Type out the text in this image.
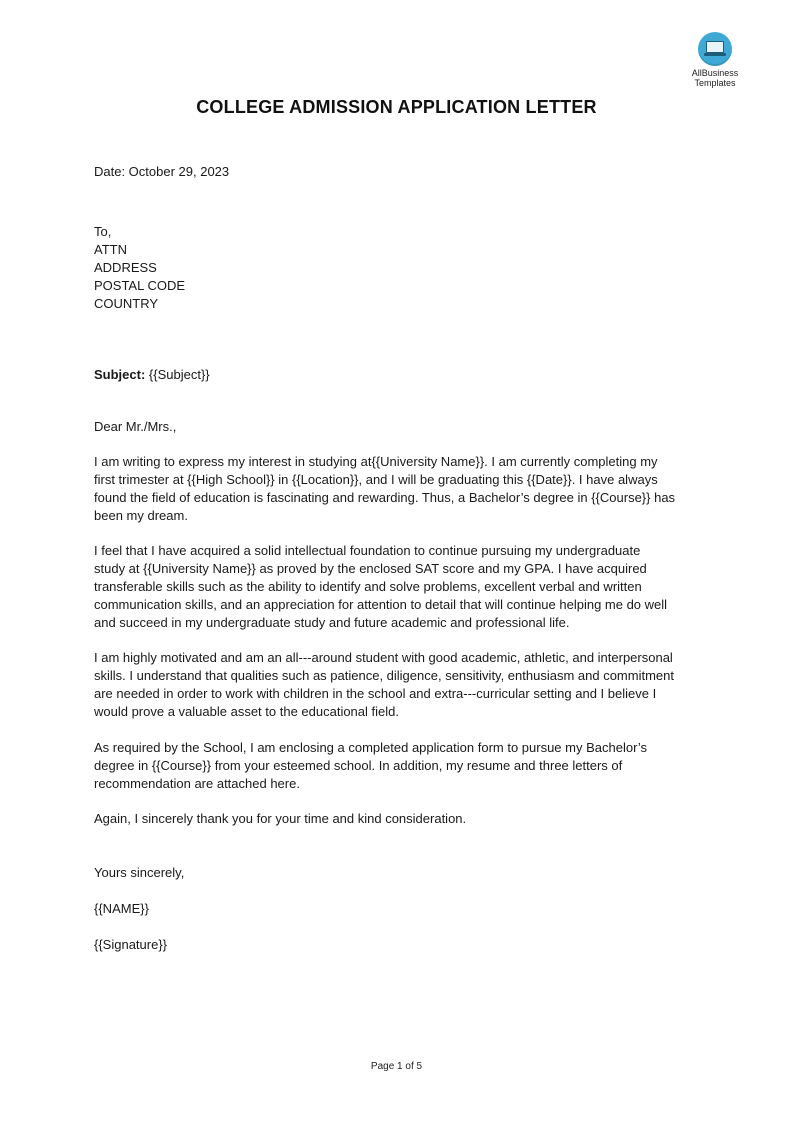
AllBusiness
Templates
COLLEGE ADMISSION APPLICATION LETTER
Date: October 29, 2023
To,
ATTN
ADDRESS
POSTAL CODE
COUNTRY
Subject: {{Subject}}
Dear Mr./Mrs.,
I am writing to express my interest in studying at{{University Name}}. I am currently completing my
first trimester at {{High School}} in {{Location}}, and I will be graduating this {{Date}}. I have always
found the field of education is fascinating and rewarding. Thus, a Bachelor’s degree in {{Course}} has
been my dream.
I feel that I have acquired a solid intellectual foundation to continue pursuing my undergraduate
study at {{University Name}} as proved by the enclosed SAT score and my GPA. I have acquired
transferable skills such as the ability to identify and solve problems, excellent verbal and written
communication skills, and an appreciation for attention to detail that will continue helping me do well
and succeed in my undergraduate study and future academic and professional life.
I am highly motivated and am an all---around student with good academic, athletic, and interpersonal
skills. I understand that qualities such as patience, diligence, sensitivity, enthusiasm and commitment
are needed in order to work with children in the school and extra---curricular setting and I believe I
would prove a valuable asset to the educational field.
As required by the School, I am enclosing a completed application form to pursue my Bachelor’s
degree in {{Course}} from your esteemed school. In addition, my resume and three letters of
recommendation are attached here.
Again, I sincerely thank you for your time and kind consideration.
Yours sincerely,
{{NAME}}
{{Signature}}
Page 1 of 5
